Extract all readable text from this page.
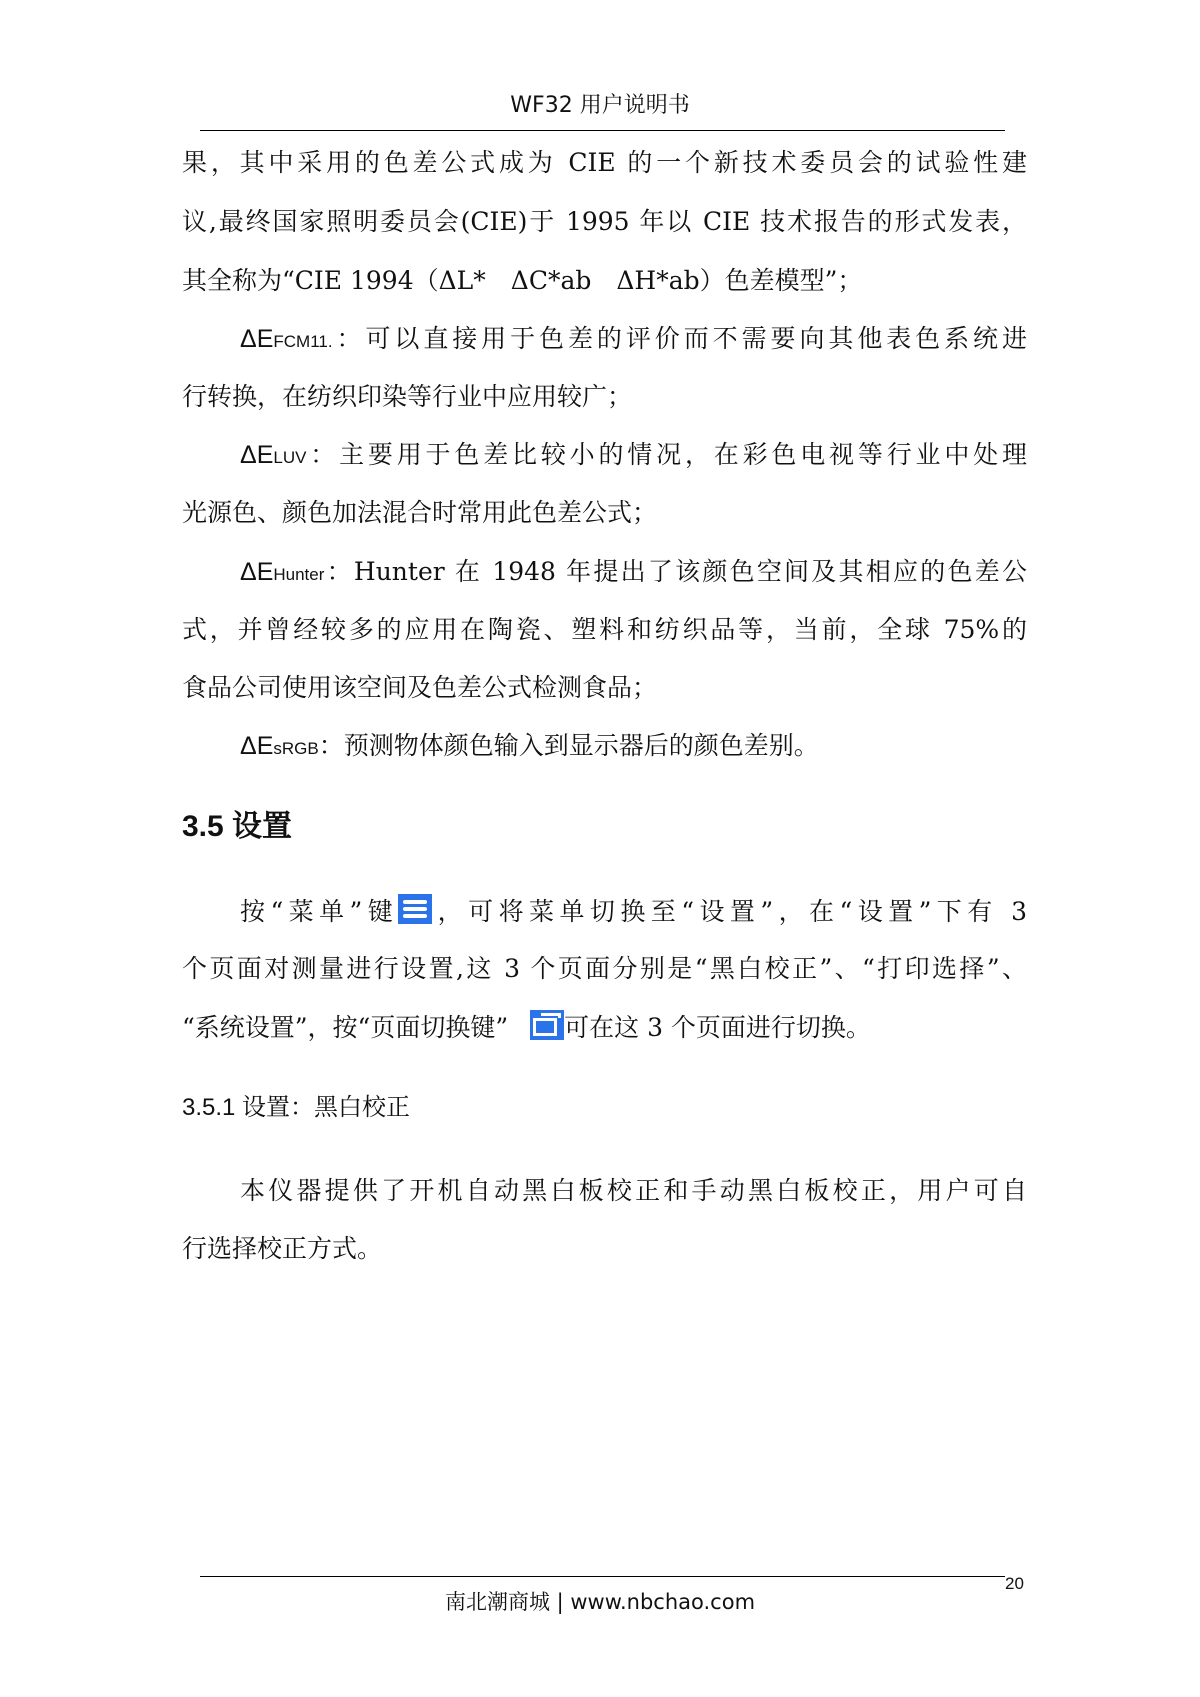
WF32 用户说明书
果，其中采用的色差公式成为 CIE 的一个新技术委员会的试验性建
议,最终国家照明委员会(CIE)于 1995 年以 CIE 技术报告的形式发表，
其全称为“CIE 1994（ΔL*　ΔC*ab　ΔH*ab）色差模型”；
ΔEFCM11.：可以直接用于色差的评价而不需要向其他表色系统进
行转换，在纺织印染等行业中应用较广；
ΔELUV：主要用于色差比较小的情况，在彩色电视等行业中处理
光源色、颜色加法混合时常用此色差公式；
ΔEHunter：Hunter 在 1948 年提出了该颜色空间及其相应的色差公
式，并曾经较多的应用在陶瓷、塑料和纺织品等，当前，全球 75%的
食品公司使用该空间及色差公式检测食品；
ΔEsRGB：预测物体颜色输入到显示器后的颜色差别。
3.5 设置
按“菜单”键 ，可将菜单切换至“设置”，在“设置”下有 3
个页面对测量进行设置,这 3 个页面分别是“黑白校正”、“打印选择”、
“系统设置”，按“页面切换键” 可在这 3 个页面进行切换。
3.5.1 设置：黑白校正
本仪器提供了开机自动黑白板校正和手动黑白板校正，用户可自
行选择校正方式。
南北潮商城 | www.nbchao.com
20
